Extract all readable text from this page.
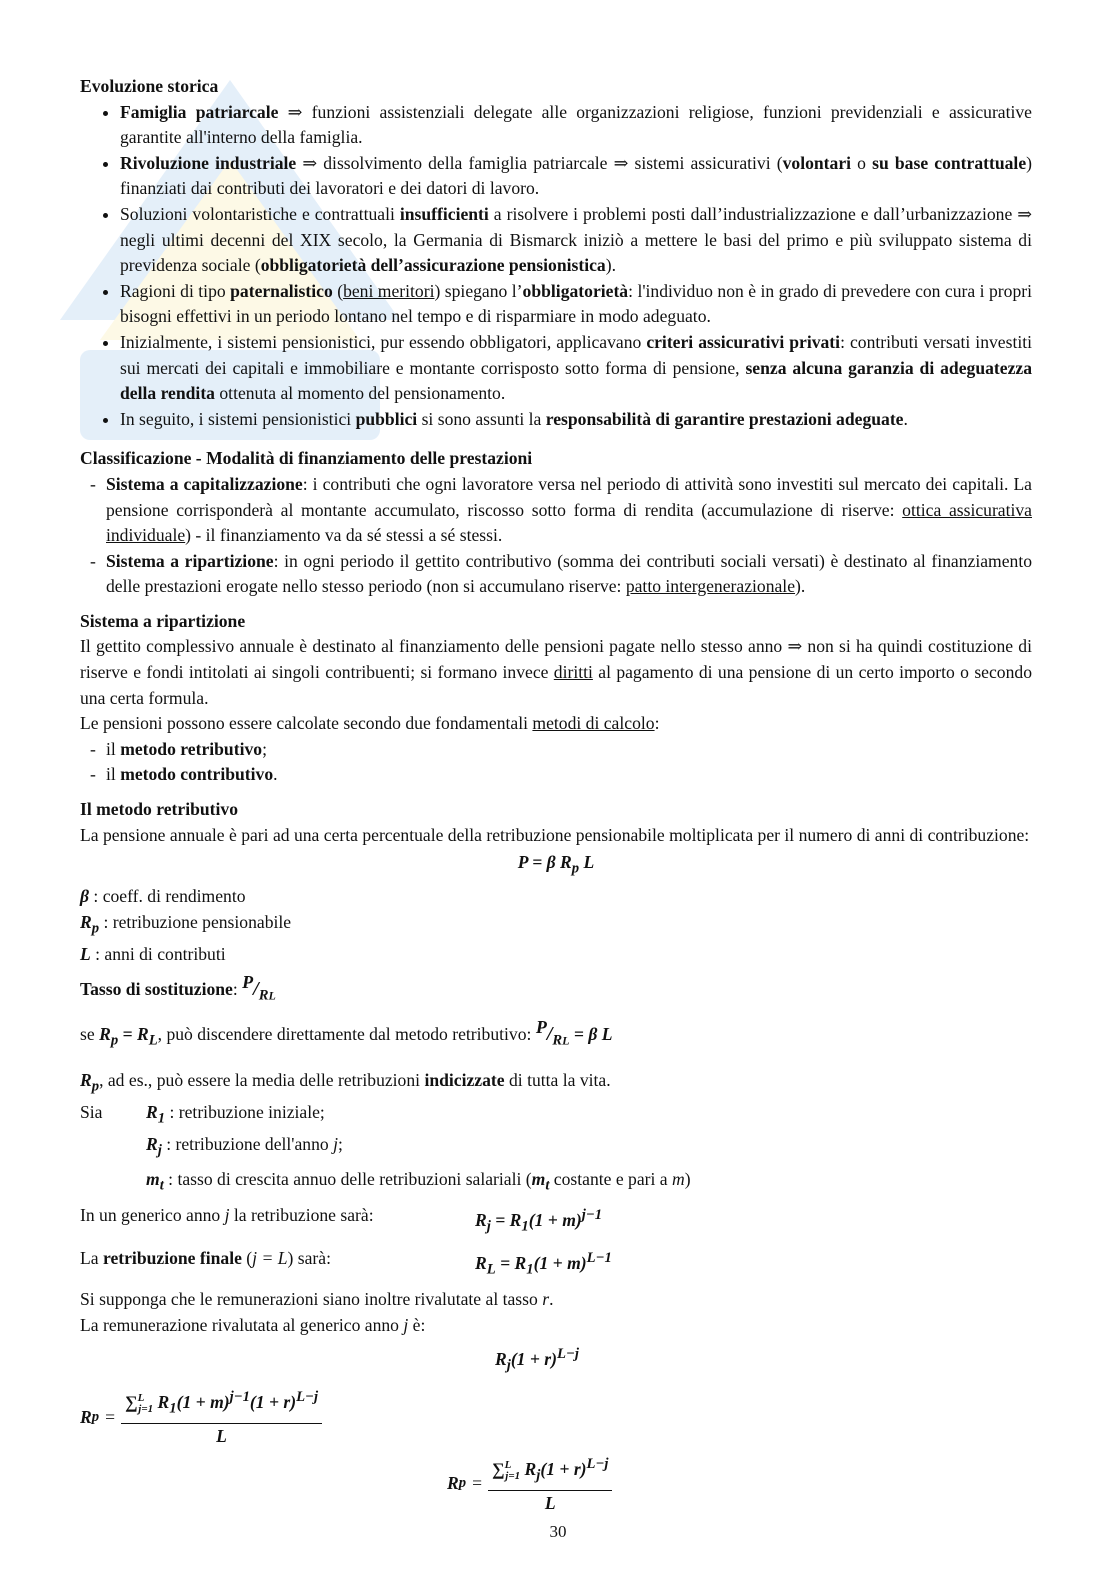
Evoluzione storica

• Famiglia patriarcale ⇒ funzioni assistenziali delegate alle organizzazioni religiose, funzioni previdenziali e assicurative garantite all'interno della famiglia.
• Rivoluzione industriale ⇒ dissolvimento della famiglia patriarcale ⇒ sistemi assicurativi (volontari o su base contrattuale) finanziati dai contributi dei lavoratori e dei datori di lavoro.
• Soluzioni volontaristiche e contrattuali insufficienti a risolvere i problemi posti dall’industrializzazione e dall’urbanizzazione ⇒ negli ultimi decenni del XIX secolo, la Germania di Bismarck iniziò a mettere le basi del primo e più sviluppato sistema di previdenza sociale (obbligatorietà dell’assicurazione pensionistica).
• Ragioni di tipo paternalistico (beni meritori) spiegano l’obbligatorietà: l'individuo non è in grado di prevedere con cura i propri bisogni effettivi in un periodo lontano nel tempo e di risparmiare in modo adeguato.
• Inizialmente, i sistemi pensionistici, pur essendo obbligatori, applicavano criteri assicurativi privati: contributi versati investiti sui mercati dei capitali e immobiliare e montante corrisposto sotto forma di pensione, senza alcuna garanzia di adeguatezza della rendita ottenuta al momento del pensionamento.
• In seguito, i sistemi pensionistici pubblici si sono assunti la responsabilità di garantire prestazioni adeguate.

Classificazione - Modalità di finanziamento delle prestazioni

- Sistema a capitalizzazione: i contributi che ogni lavoratore versa nel periodo di attività sono investiti sul mercato dei capitali. La pensione corrisponderà al montante accumulato, riscosso sotto forma di rendita (accumulazione di riserve: ottica assicurativa individuale) - il finanziamento va da sé stessi a sé stessi.
- Sistema a ripartizione: in ogni periodo il gettito contributivo (somma dei contributi sociali versati) è destinato al finanziamento delle prestazioni erogate nello stesso periodo (non si accumulano riserve: patto intergenerazionale).

Sistema a ripartizione

Il gettito complessivo annuale è destinato al finanziamento delle pensioni pagate nello stesso anno ⇒ non si ha quindi costituzione di riserve e fondi intitolati ai singoli contribuenti; si formano invece diritti al pagamento di una pensione di un certo importo o secondo una certa formula.

Le pensioni possono essere calcolate secondo due fondamentali metodi di calcolo:

- il metodo retributivo;
- il metodo contributivo.

Il metodo retributivo

La pensione annuale è pari ad una certa percentuale della retribuzione pensionabile moltiplicata per il numero di anni di contribuzione:

P = β $R_p$ L

β : coeff. di rendimento

$R_p$ : retribuzione pensionabile

L : anni di contributi

Tasso di sostituzione: $^P/_{RL}$

se $R_p = R_L$, può discendere direttamente dal metodo retributivo: $^P/_{RL} = \beta$ L

$R_p$, ad es., può essere la media delle retribuzioni indicizzate di tutta la vita.

Sia	$R_1$ : retribuzione iniziale;
$R_j$ : retribuzione dell'anno j;
$m_t$ : tasso di crescita annuo delle retribuzioni salariali ($m_t$ costante e pari a m)
In un generico anno j la retribuzione sarà:	$R_j = R_1(1 + m)^{j-1}$
La retribuzione finale (j = L) sarà:	$R_L = R_1(1 + m)^{L-1}$

Si supponga che le remunerazioni siano inoltre rivalutate al tasso r.

La remunerazione rivalutata al generico anno j è:

$R_j(1 + r)^{L-j}$

R $p = \frac{\sum^L_{j=1} R_1(1 + m)^{j-1}(1 + r)^{L-j}}{L}$
R $p = \frac{\sum^L_{j=1} R_j(1 + r)^{L-j}}{L}$
30
